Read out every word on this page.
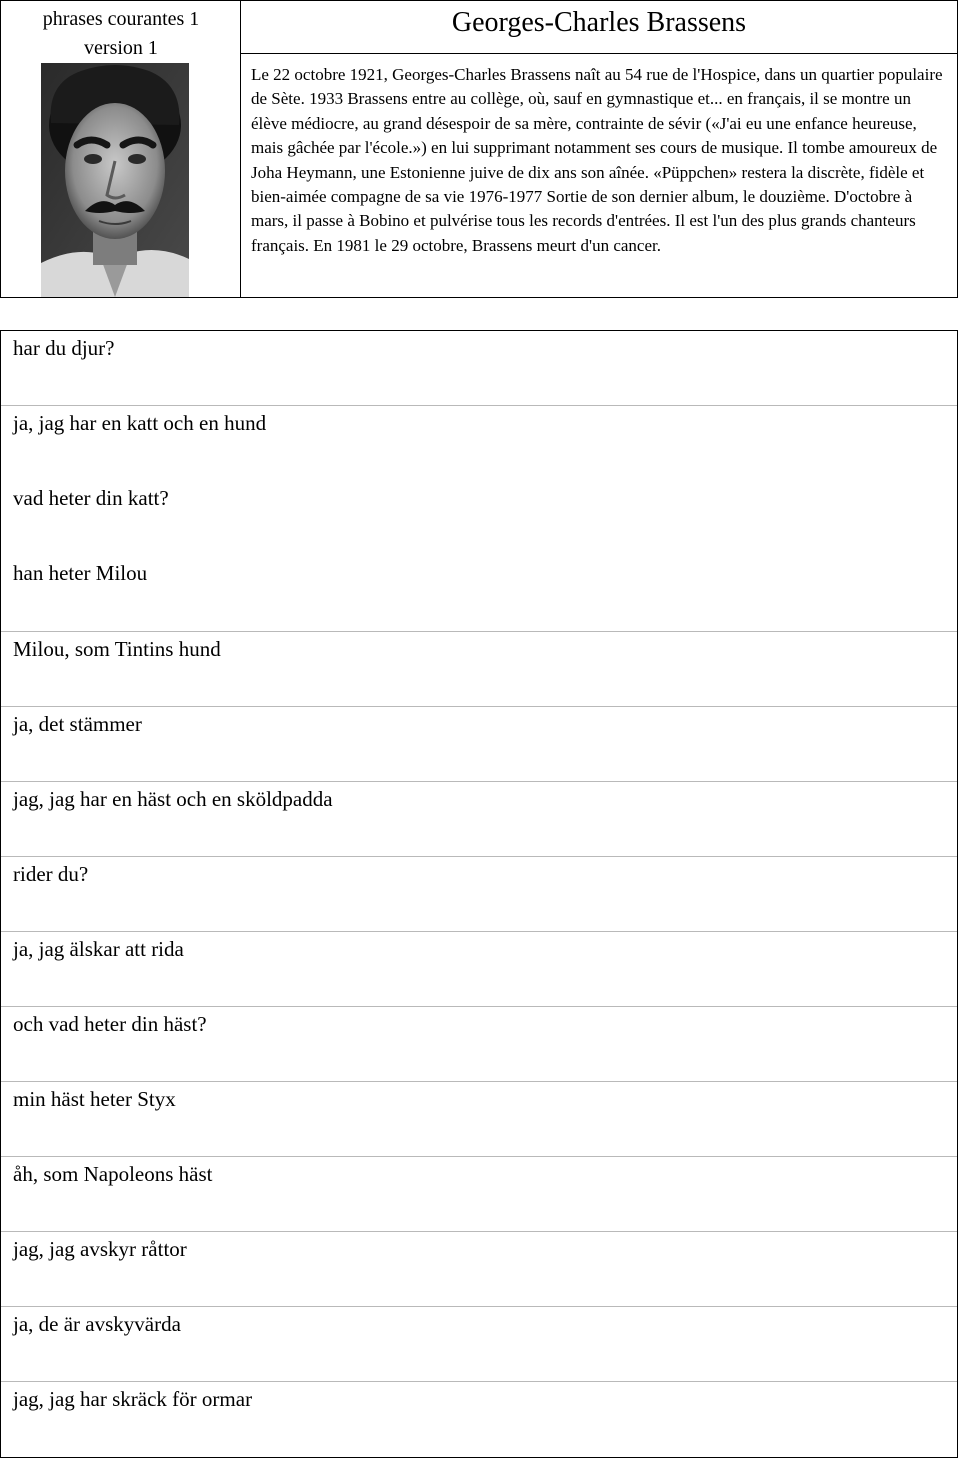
phrases courantes 1
version 1
Georges-Charles Brassens

Le 22 octobre 1921, Georges-Charles Brassens naît au 54 rue de l'Hospice, dans un quartier populaire de Sète. 1933 Brassens entre au collège, où, sauf en gymnastique et... en français, il se montre un élève médiocre, au grand désespoir de sa mère, contrainte de sévir («J'ai eu une enfance heureuse, mais gâchée par l'école.») en lui supprimant notamment ses cours de musique. Il tombe amoureux de Joha Heymann, une Estonienne juive de dix ans son aînée. «Püppchen» restera la discrète, fidèle et bien-aimée compagne de sa vie 1976-1977 Sortie de son dernier album, le douzième. D'octobre à mars, il passe à Bobino et pulvérise tous les records d'entrées. Il est l'un des plus grands chanteurs français. En 1981 le 29 octobre, Brassens meurt d'un cancer.

har du djur?
ja, jag har en katt och en hund
vad heter din katt?
han heter Milou
Milou, som Tintins hund
ja, det stämmer
jag, jag har en häst och en sköldpadda
rider du?
ja, jag älskar att rida
och vad heter din häst?
min häst heter Styx
åh, som Napoleons häst
jag, jag avskyr råttor
ja, de är avskyvärda
jag, jag har skräck för ormar
